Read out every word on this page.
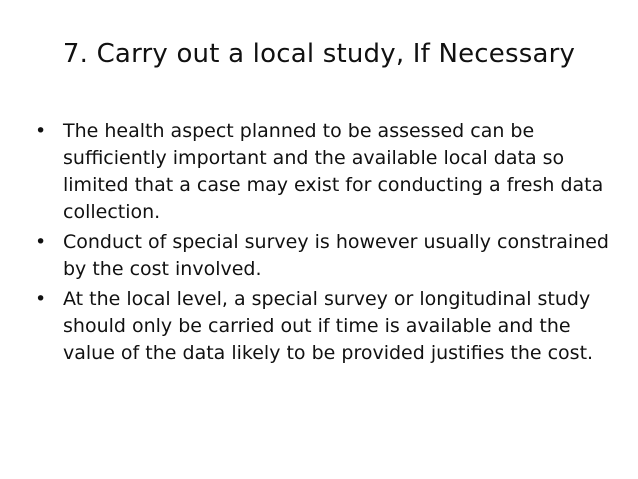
7. Carry out a local study, If Necessary
• The health aspect planned to be assessed can be sufficiently important and the available local data so limited that a case may exist for conducting a fresh data collection.
• Conduct of special survey is however usually constrained by the cost involved.
• At the local level, a special survey or longitudinal study should only be carried out if time is available and the value of the data likely to be provided justifies the cost.
